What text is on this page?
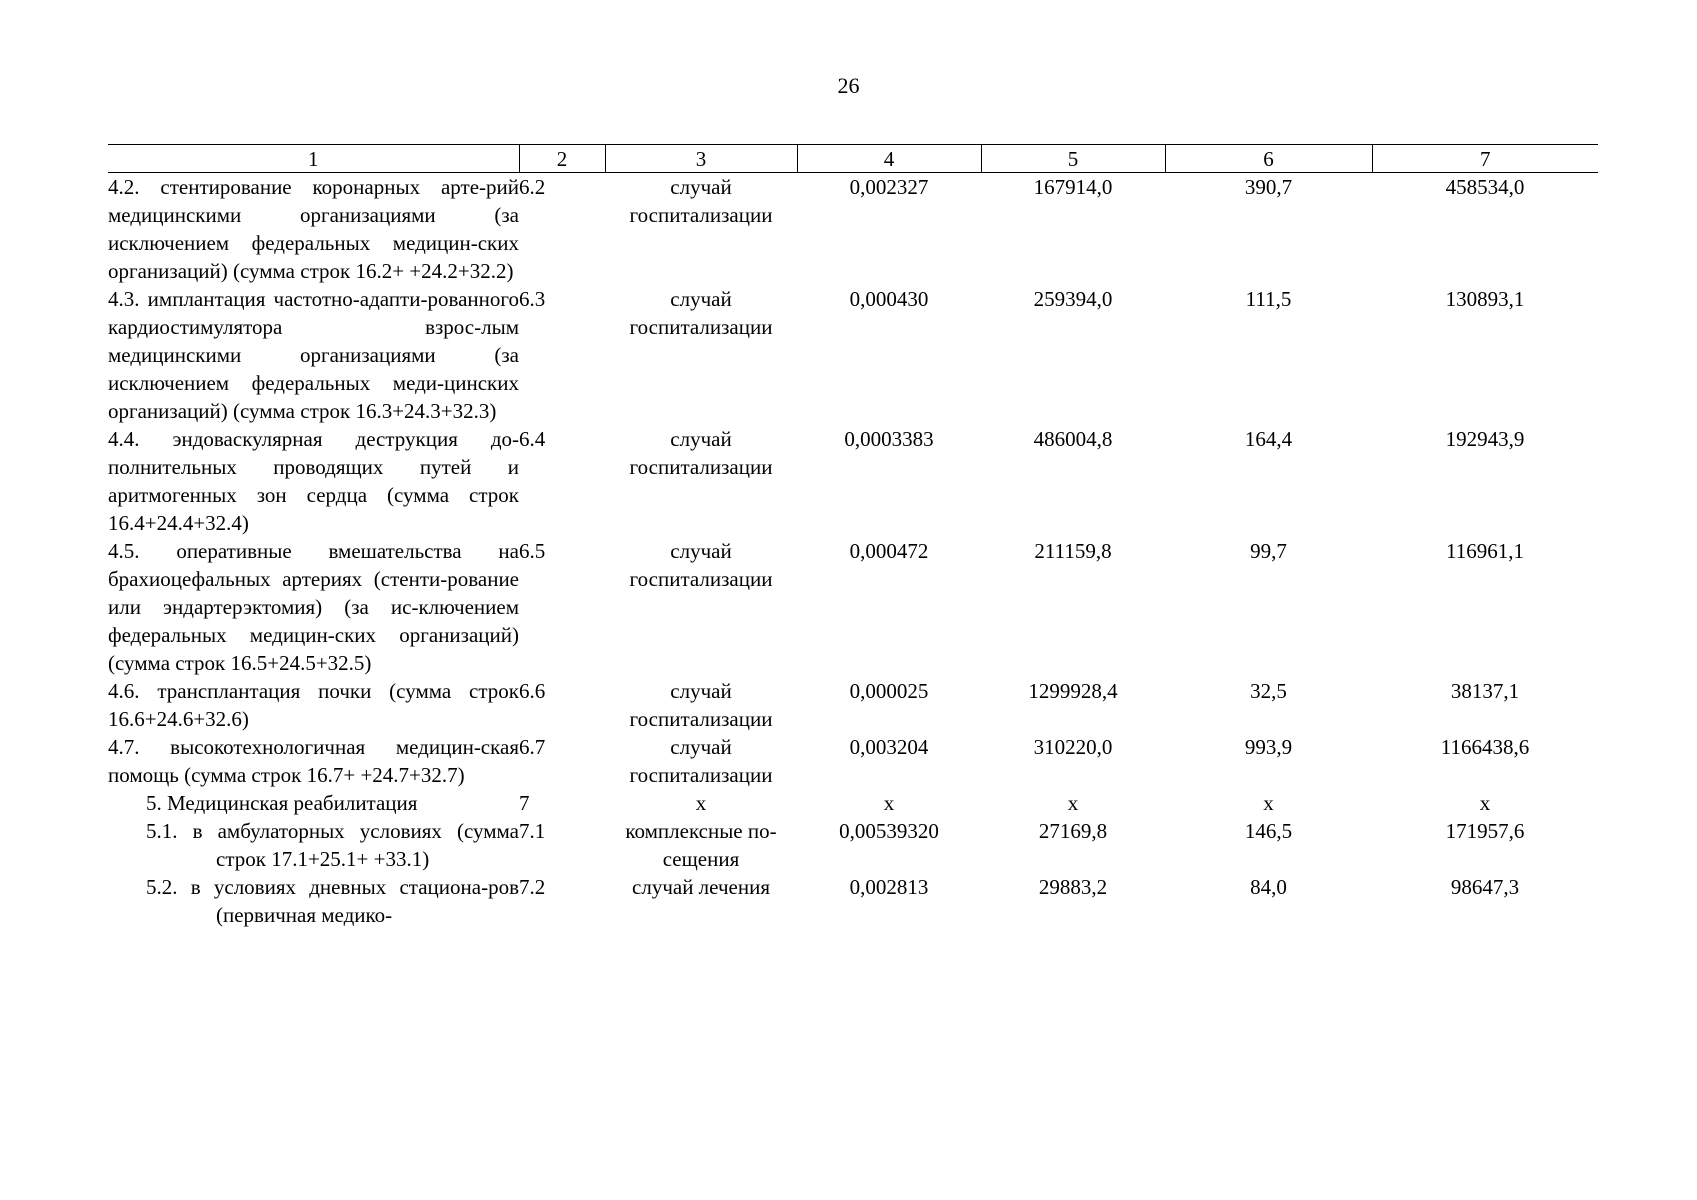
26
1	2	3	4	5	6	7
4.2. стентирование коронарных арте-рий медицинскими организациями (за исключением федеральных медицин-ских организаций) (сумма строк 16.2+ +24.2+32.2)	6.2	случай госпитализации	0,002327	167914,0	390,7	458534,0
4.3. имплантация частотно-адапти-рованного кардиостимулятора взрос-лым медицинскими организациями (за исключением федеральных меди-цинских организаций) (сумма строк 16.3+24.3+32.3)	6.3	случай госпитализации	0,000430	259394,0	111,5	130893,1
4.4. эндоваскулярная деструкция до-полнительных проводящих путей и аритмогенных зон сердца (сумма строк 16.4+24.4+32.4)	6.4	случай госпитализации	0,0003383	486004,8	164,4	192943,9
4.5. оперативные вмешательства на брахиоцефальных артериях (стенти-рование или эндартерэктомия) (за ис-ключением федеральных медицин-ских организаций) (сумма строк 16.5+24.5+32.5)	6.5	случай госпитализации	0,000472	211159,8	99,7	116961,1
4.6. трансплантация почки (сумма строк 16.6+24.6+32.6)	6.6	случай госпитализации	0,000025	1299928,4	32,5	38137,1
4.7. высокотехнологичная медицин-ская помощь (сумма строк 16.7+ +24.7+32.7)	6.7	случай госпитализации	0,003204	310220,0	993,9	1166438,6
5. Медицинская реабилитация	7	х	х	х	х	х
5.1. в амбулаторных условиях (сумма строк 17.1+25.1+ +33.1)	7.1	комплексные по-сещения	0,00539320	27169,8	146,5	171957,6
5.2. в условиях дневных стациона-ров (первичная медико-	7.2	случай лечения	0,002813	29883,2	84,0	98647,3
